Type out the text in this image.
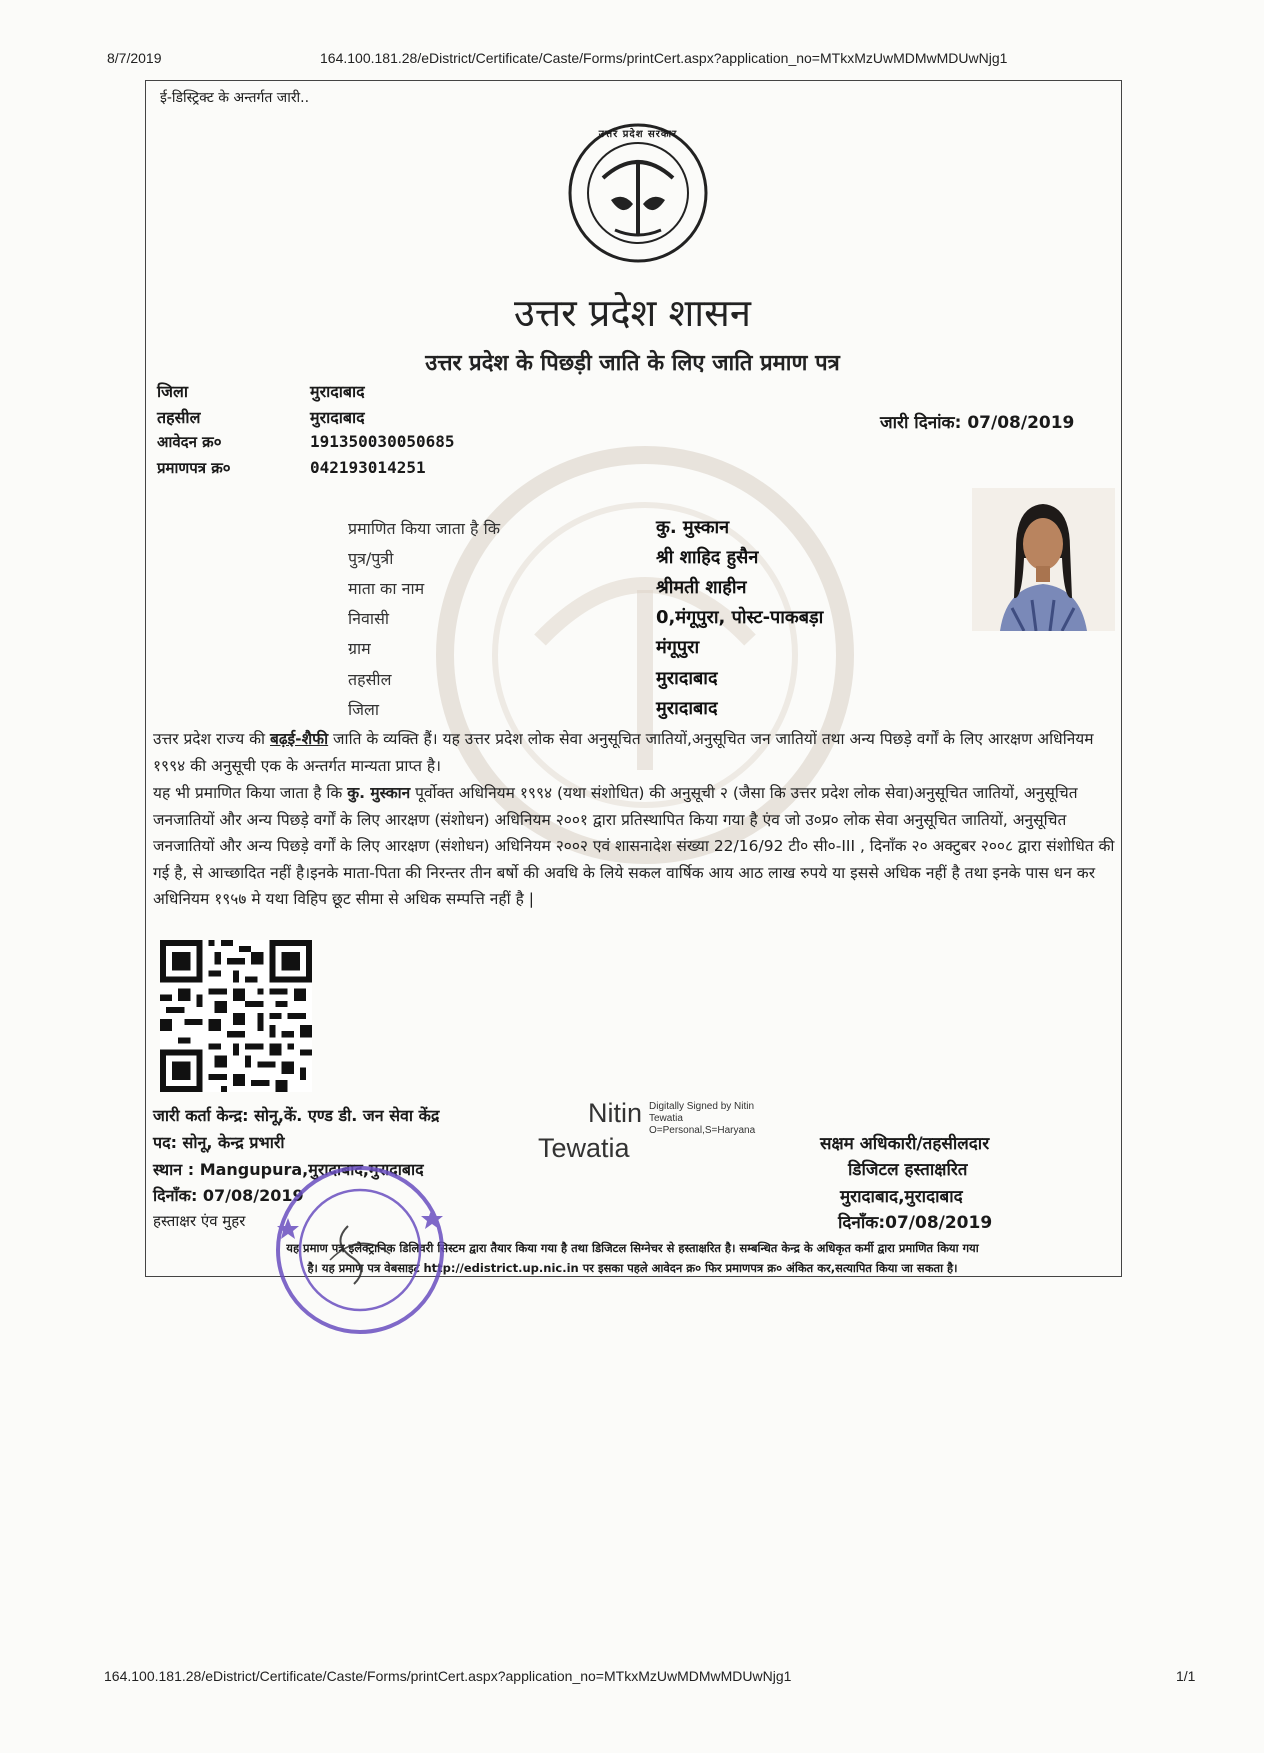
8/7/2019	164.100.181.28/eDistrict/Certificate/Caste/Forms/printCert.aspx?application_no=MTkxMzUwMDMwMDUwNjg1
164.100.181.28/eDistrict/Certificate/Caste/Forms/printCert.aspx?application_no=MTkxMzUwMDMwMDUwNjg1	1/1
ई-डिस्ट्रिक्ट के अन्तर्गत जारी..
उत्तर प्रदेश सरकार
उत्तर प्रदेश शासन
उत्तर प्रदेश के पिछड़ी जाति के लिए जाति प्रमाण पत्र
जिला	मुरादाबाद
तहसील	मुरादाबाद
आवेदन क्र०	191350030050685
प्रमाणपत्र क्र०	042193014251
जारी दिनांक: 07/08/2019
प्रमाणित किया जाता है कि	कु. मुस्कान
पुत्र/पुत्री	श्री शाहिद हुसैन
माता का नाम	श्रीमती शाहीन
निवासी	0,मंगूपुरा, पोस्ट-पाकबड़ा
ग्राम	मंगूपुरा
तहसील	मुरादाबाद
जिला	मुरादाबाद
उत्तर प्रदेश राज्य की बढ़ई-शैफी जाति के व्यक्ति हैं। यह उत्तर प्रदेश लोक सेवा अनुसूचित जातियों,अनुसूचित जन जातियों तथा अन्य पिछड़े वर्गों के लिए आरक्षण अधिनियम १९९४ की अनुसूची एक के अन्तर्गत मान्यता प्राप्त है।
यह भी प्रमाणित किया जाता है कि कु. मुस्कान पूर्वोक्त अधिनियम १९९४ (यथा संशोधित) की अनुसूची २ (जैसा कि उत्तर प्रदेश लोक सेवा)अनुसूचित जातियों, अनुसूचित जनजातियों और अन्य पिछड़े वर्गों के लिए आरक्षण (संशोधन) अधिनियम २००१ द्वारा प्रतिस्थापित किया गया है एंव जो उ०प्र० लोक सेवा अनुसूचित जातियों, अनुसूचित जनजातियों और अन्य पिछड़े वर्गों के लिए आरक्षण (संशोधन) अधिनियम २००२ एवं शासनादेश संख्या 22/16/92 टी० सी०-III , दिनाँक २० अक्टुबर २००८ द्वारा संशोधित की गई है, से आच्छादित नहीं है।इनके माता-पिता की निरन्तर तीन बर्षो की अवधि के लिये सकल वार्षिक आय आठ लाख रुपये या इससे अधिक नहीं है तथा इनके पास धन कर अधिनियम १९५७ मे यथा विहिप छूट सीमा से अधिक सम्पत्ति नहीं है |
जारी कर्ता केन्द्र: सोनू,कें. एण्ड डी. जन सेवा केंद्र
पद: सोनू, केन्द्र प्रभारी
स्थान : Mangupura,मुरादाबाद,मुरादाबाद
दिनाँक: 07/08/2019
हस्ताक्षर एंव मुहर
Nitin
Tewatia
Digitally Signed by Nitin
Tewatia
O=Personal,S=Haryana
सक्षम अधिकारी/तहसीलदार
डिजिटल हस्ताक्षरित
मुरादाबाद,मुरादाबाद
दिनाँक:07/08/2019
यह प्रमाण पत्र इलेक्ट्रानिक डिलिवरी सिस्टम द्वारा तैयार किया गया है तथा डिजिटल सिग्नेचर से हस्ताक्षरित है। सम्बन्धित केन्द्र के अधिकृत कर्मी द्वारा प्रमाणित किया गया
है। यह प्रमाण पत्र वेबसाइट http://edistrict.up.nic.in पर इसका पहले आवेदन क्र० फिर प्रमाणपत्र क्र० अंकित कर,सत्यापित किया जा सकता है।
